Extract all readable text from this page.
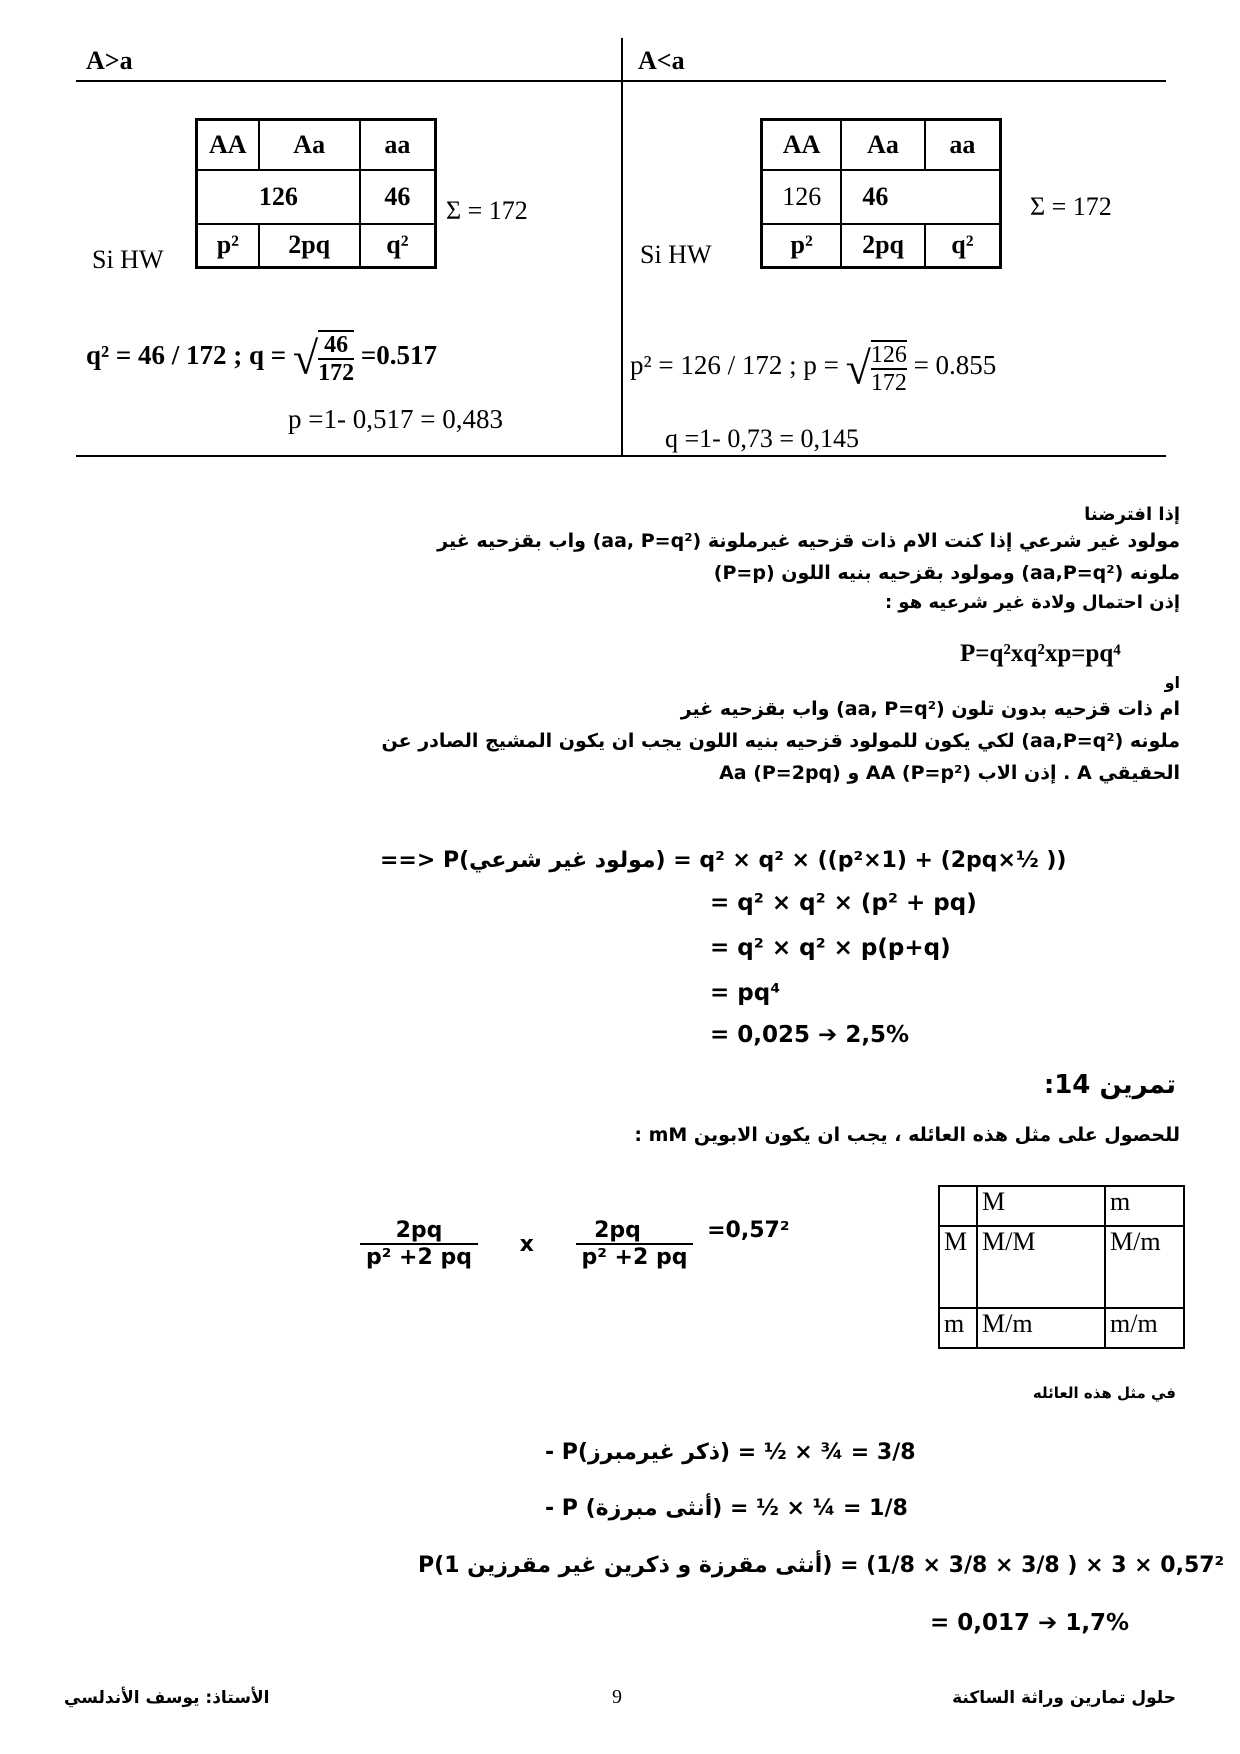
A>a	A<a
AA	Aa	aa
126		46
p²	2pq	q²
Σ = 172
Si HW
q² = 46 / 172 ; q = √ $\frac{46}{172} =0.517$
p =1- 0,517 = 0,483
AA	Aa	aa
126	46	
p²	2pq	q²
Σ = 172
Si HW
p² = 126 / 172 ; p = √ $\frac{126}{172} = 0.855$
q =1- 0,73 = 0,145
إذا افترضنا
مولود غير شرعي إذا كنت الام ذات قزحيه غيرملونة (aa, P=q²) واب بقزحيه غير
ملونه (aa,P=q²) ومولود بقزحيه بنيه اللون (P=p)
إذن احتمال ولادة غير شرعيه هو :
P=q²xq²xp=pq⁴
او
ام ذات قزحيه بدون تلون (aa, P=q²) واب بقزحيه غير
ملونه (aa,P=q²) لكي يكون للمولود قزحيه بنيه اللون يجب ان يكون المشيج الصادر عن
الحقيقي A . إذن الاب AA (P=p²) و Aa (P=2pq)
==> P(مولود غير شرعي) = q² × q² × ((p²×1) + (2pq×½ ))
= q² × q² × (p² + pq)
= q² × q² × p(p+q)
= pq⁴
= 0,025 ➔ 2,5%
تمرين 14:
للحصول على مثل هذه العائله ، يجب ان يكون الابوين mM :
$\frac{2pq}{\text{p² +2 pq}}$ x $\frac{2pq}{\text{p² +2 pq}} =0,57^2$
	M	m
M	M/M	M/m
m	M/m	m/m
في مثل هذه العائله
- P(ذكر غيرمبرز) = ½ × ¾ = 3/8
- P (أنثى مبرزة) = ½ × ¼ = 1/8
P(أنثى مقرزة و ذكرين غير مقرزين 1) = 0,57² × 3 × ( 3/8 × 3/8 × 1/8)
= 0,017 ➔ 1,7%
حلول تمارين وراثة الساكنة
9
الأستاذ: يوسف الأندلسي
